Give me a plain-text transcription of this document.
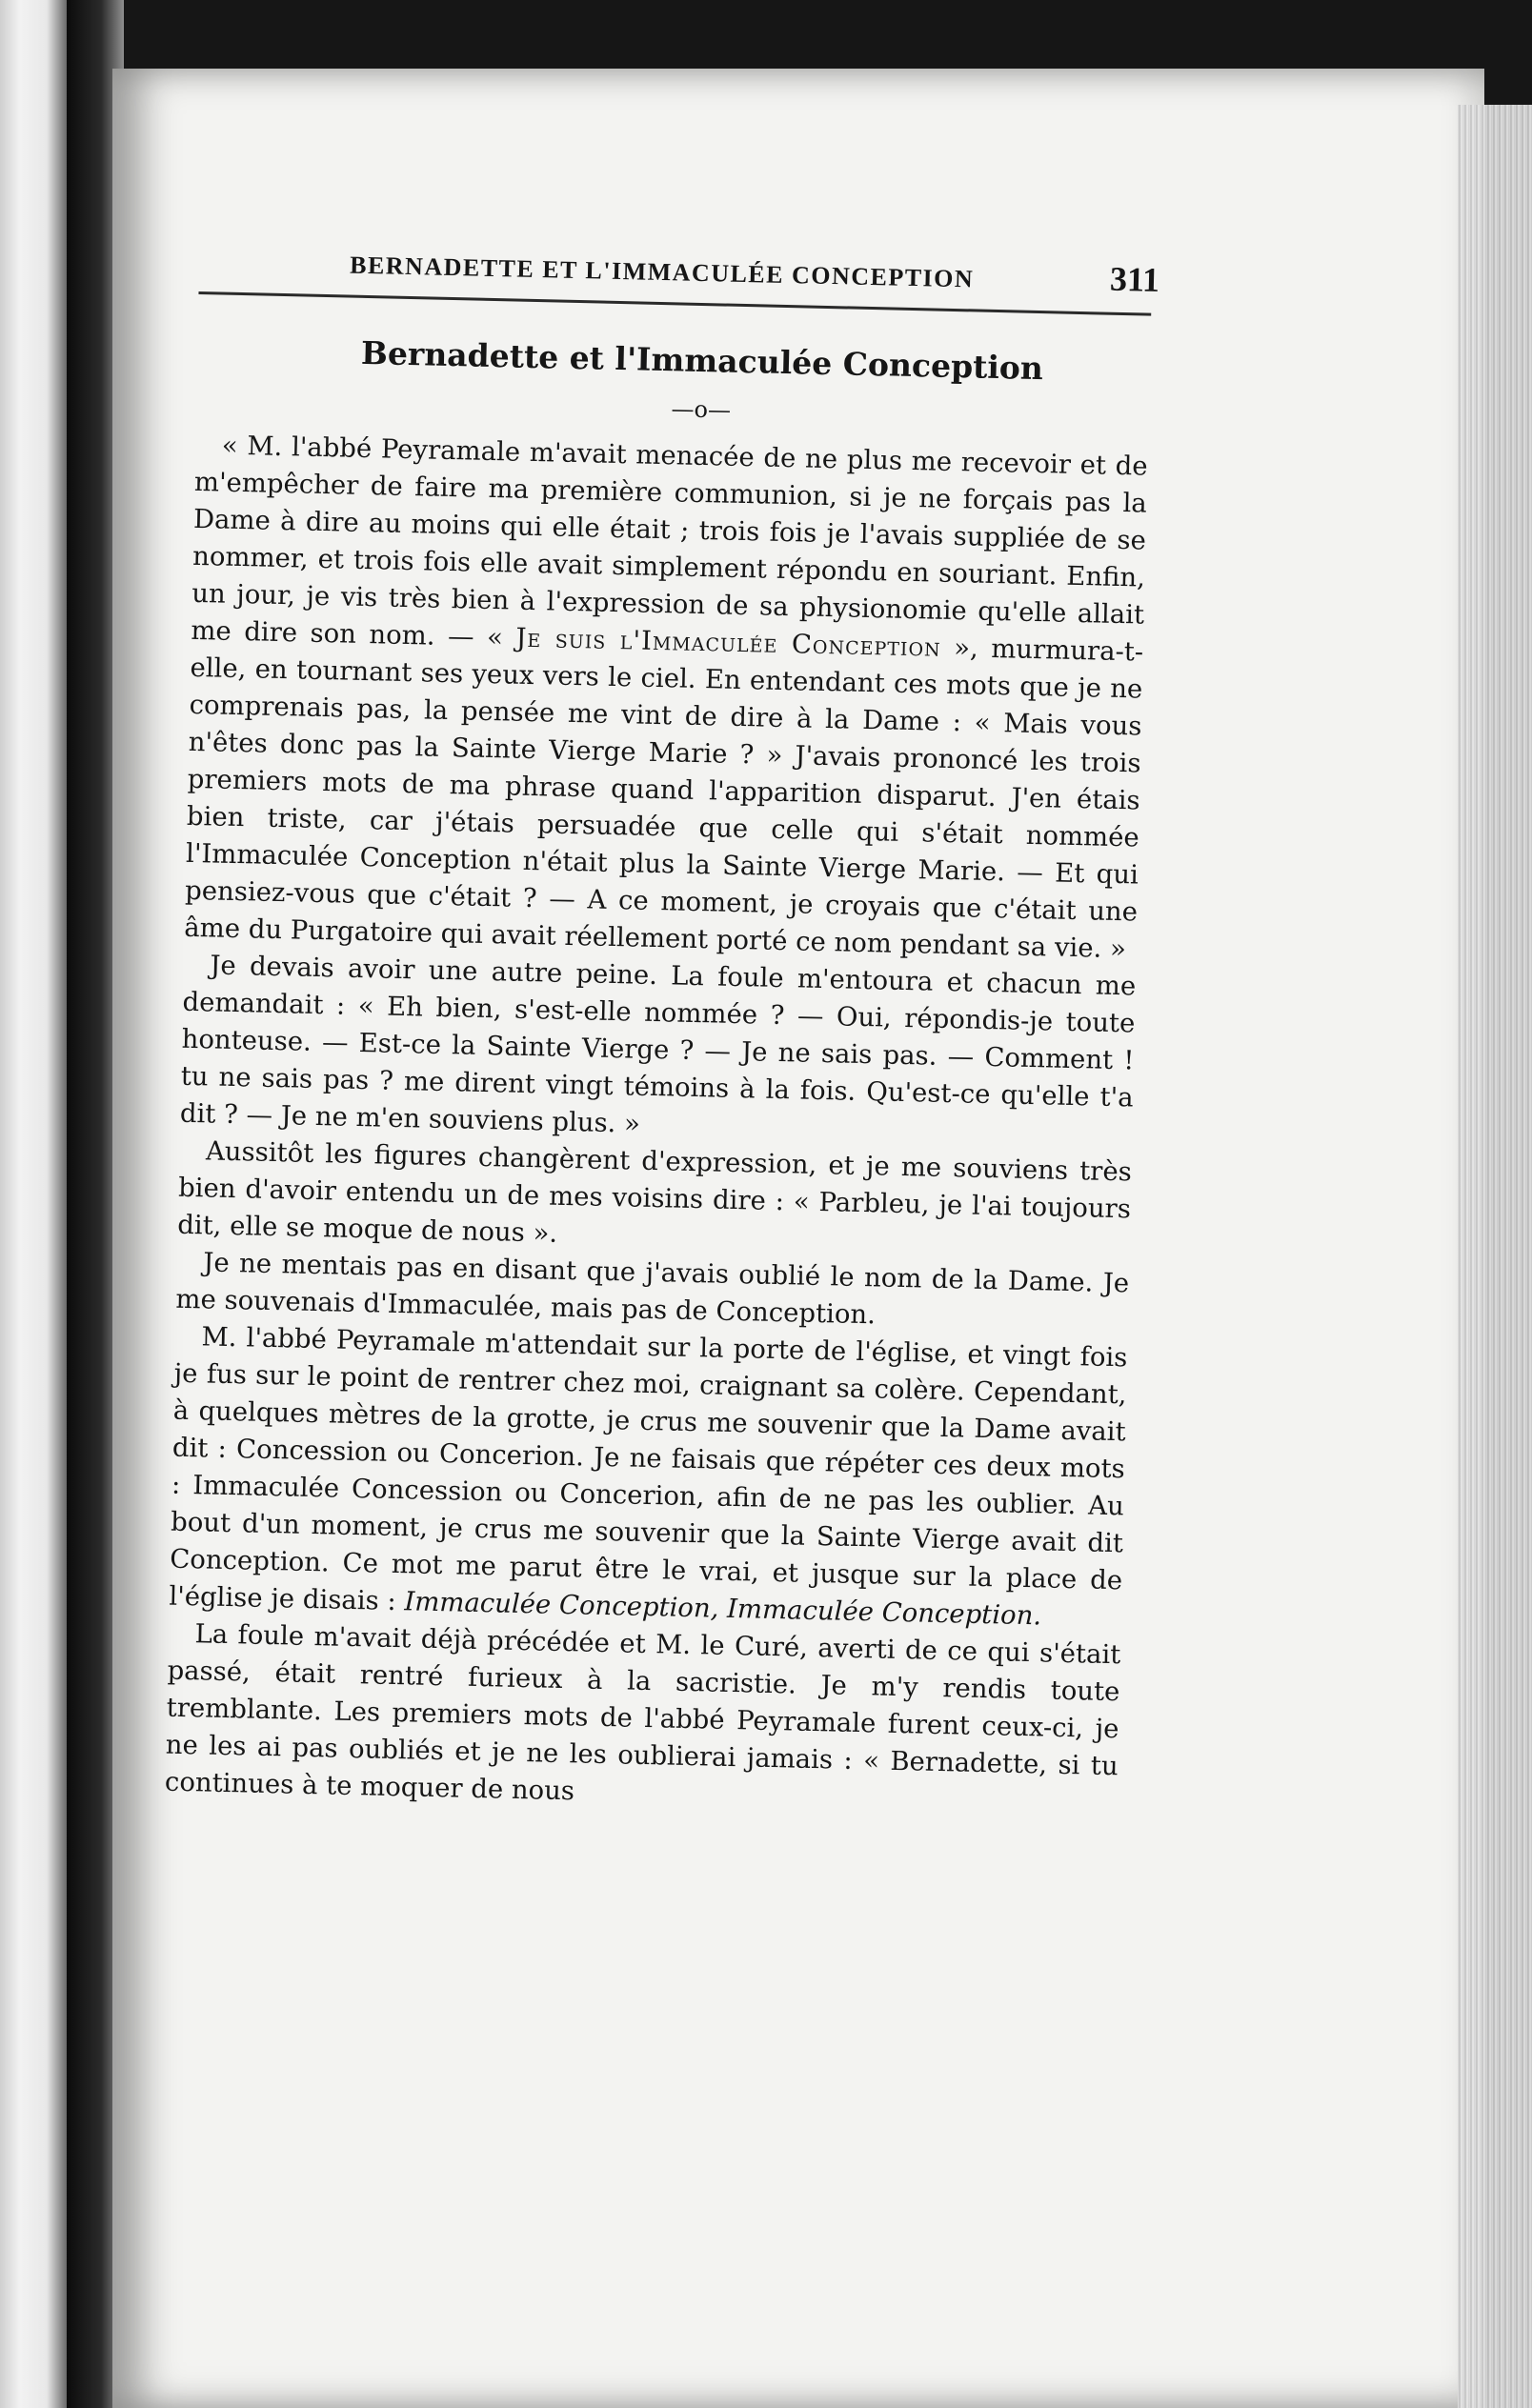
BERNADETTE ET L'IMMACULÉE CONCEPTION	311
Bernadette et l'Immaculée Conception
—o—

« M. l'abbé Peyramale m'avait menacée de ne plus me recevoir et de m'empêcher de faire ma première communion, si je ne forçais pas la Dame à dire au moins qui elle était ; trois fois je l'avais suppliée de se nommer, et trois fois elle avait simplement répondu en souriant. Enfin, un jour, je vis très bien à l'expression de sa physionomie qu'elle allait me dire son nom. — « Je suis l'Immaculée Conception », murmura-t-elle, en tournant ses yeux vers le ciel. En entendant ces mots que je ne comprenais pas, la pensée me vint de dire à la Dame : « Mais vous n'êtes donc pas la Sainte Vierge Marie ? » J'avais prononcé les trois premiers mots de ma phrase quand l'apparition disparut. J'en étais bien triste, car j'étais persuadée que celle qui s'était nommée l'Immaculée Conception n'était plus la Sainte Vierge Marie. — Et qui pensiez-vous que c'était ? — A ce moment, je croyais que c'était une âme du Purgatoire qui avait réellement porté ce nom pendant sa vie. »

Je devais avoir une autre peine. La foule m'entoura et chacun me demandait : « Eh bien, s'est-elle nommée ? — Oui, répondis-je toute honteuse. — Est-ce la Sainte Vierge ? — Je ne sais pas. — Comment ! tu ne sais pas ? me dirent vingt témoins à la fois. Qu'est-ce qu'elle t'a dit ? — Je ne m'en souviens plus. »

Aussitôt les figures changèrent d'expression, et je me souviens très bien d'avoir entendu un de mes voisins dire : « Parbleu, je l'ai toujours dit, elle se moque de nous ».

Je ne mentais pas en disant que j'avais oublié le nom de la Dame. Je me souvenais d'Immaculée, mais pas de Conception.

M. l'abbé Peyramale m'attendait sur la porte de l'église, et vingt fois je fus sur le point de rentrer chez moi, craignant sa colère. Cependant, à quelques mètres de la grotte, je crus me souvenir que la Dame avait dit : Concession ou Concerion. Je ne faisais que répéter ces deux mots : Immaculée Concession ou Concerion, afin de ne pas les oublier. Au bout d'un moment, je crus me souvenir que la Sainte Vierge avait dit Conception. Ce mot me parut être le vrai, et jusque sur la place de l'église je disais : Immaculée Conception, Immaculée Conception.

La foule m'avait déjà précédée et M. le Curé, averti de ce qui s'était passé, était rentré furieux à la sacristie. Je m'y rendis toute tremblante. Les premiers mots de l'abbé Peyramale furent ceux-ci, je ne les ai pas oubliés et je ne les oublierai jamais : « Bernadette, si tu continues à te moquer de nous
